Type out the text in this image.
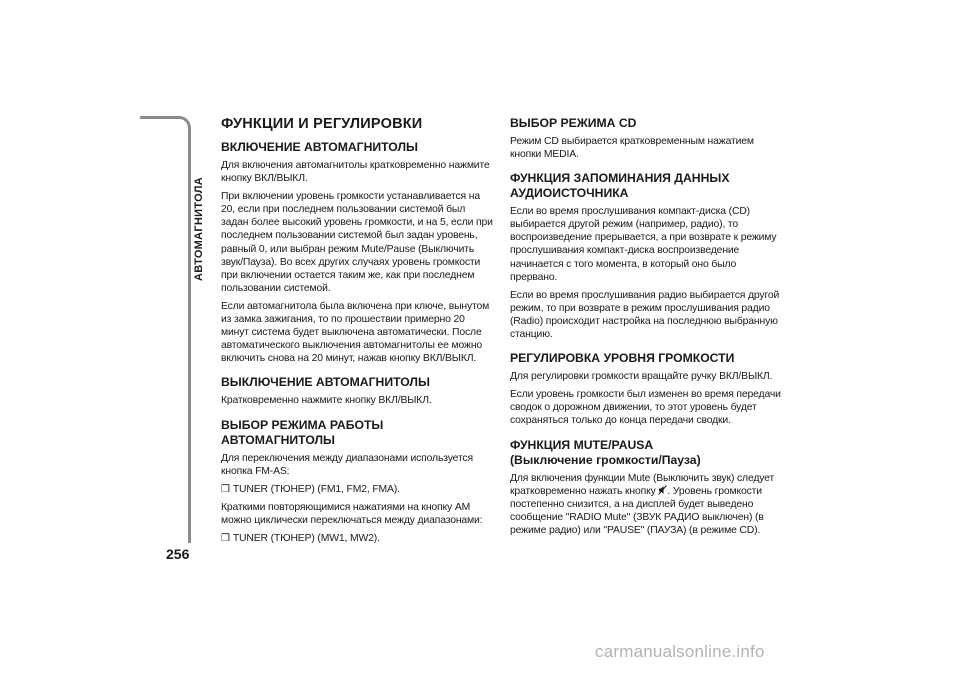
АВТОМАГНИТОЛА
256
ФУНКЦИИ И РЕГУЛИРОВКИ
ВКЛЮЧЕНИЕ АВТОМАГНИТОЛЫ

Для включения автомагнитолы кратковременно нажмите кнопку ВКЛ/ВЫКЛ.

При включении уровень громкости устанавливается на 20, если при последнем пользовании системой был задан более высокий уровень громкости, и на 5, если при последнем пользовании системой был задан уровень, равный 0, или выбран режим Mute/Pause (Выключить звук/Пауза). Во всех других случаях уровень громкости при включении остается таким же, как при последнем пользовании системой.

Если автомагнитола была включена при ключе, вынутом из замка зажигания, то по прошествии примерно 20 минут система будет выключена автоматически. После автоматического выключения автомагнитолы ее можно включить снова на 20 минут, нажав кнопку ВКЛ/ВЫКЛ.

ВЫКЛЮЧЕНИЕ АВТОМАГНИТОЛЫ

Кратковременно нажмите кнопку ВКЛ/ВЫКЛ.

ВЫБОР РЕЖИМА РАБОТЫ АВТОМАГНИТОЛЫ

Для переключения между диапазонами используется кнопка FM-AS:

❒ TUNER (ТЮНЕР) (FM1, FM2, FMA).

Краткими повторяющимися нажатиями на кнопку AM можно циклически переключаться между диапазонами:

❒ TUNER (ТЮНЕР) (MW1, MW2).

ВЫБОР РЕЖИМА CD

Режим CD выбирается кратковременным нажатием кнопки MEDIA.

ФУНКЦИЯ ЗАПОМИНАНИЯ ДАННЫХ
АУДИОИСТОЧНИКА

Если во время прослушивания компакт-диска (CD) выбирается другой режим (например, радио), то воспроизведение прерывается, а при возврате к режиму прослушивания компакт-диска воспроизведение начинается с того момента, в который оно было прервано.

Если во время прослушивания радио выбирается другой режим, то при возврате в режим прослушивания радио (Radio) происходит настройка на последнюю выбранную станцию.

РЕГУЛИРОВКА УРОВНЯ ГРОМКОСТИ

Для регулировки громкости вращайте ручку ВКЛ/ВЫКЛ.

Если уровень громкости был изменен во время передачи сводок о дорожном движении, то этот уровень будет сохраняться только до конца передачи сводки.

ФУНКЦИЯ MUTE/PAUSA
(Выключение громкости/Пауза)

Для включения функции Mute (Выключить звук) следует кратковременно нажать кнопку . Уровень громкости постепенно снизится, а на дисплей будет выведено сообщение "RADIO Mute" (ЗВУК РАДИО выключен) (в режиме радио) или "PAUSE" (ПАУЗА) (в режиме CD).

carmanualsonline.info
